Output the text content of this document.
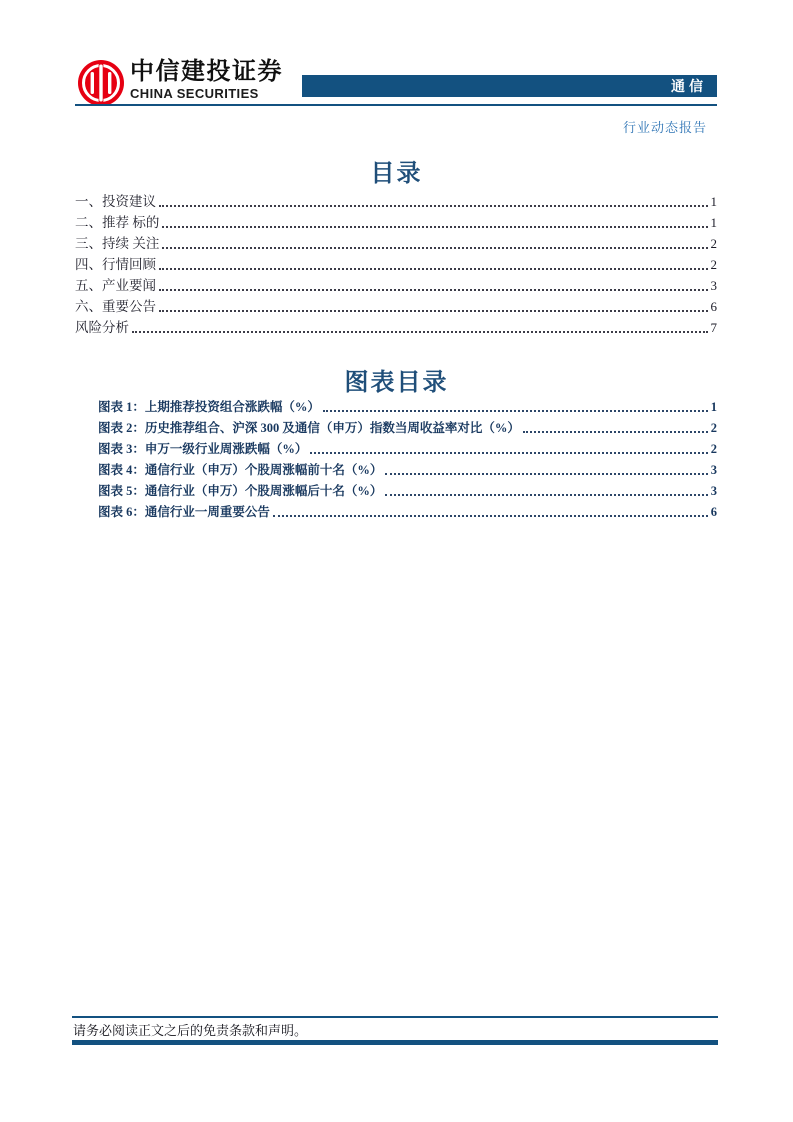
中信建投证券
CHINA SECURITIES	通信
行业动态报告
目录
一、投资建议	1
二、推荐 标的	1
三、持续 关注	2
四、行情回顾	2
五、产业要闻	3
六、重要公告	6
风险分析	7
图表目录
图表 1：上期推荐投资组合涨跌幅（%）	1
图表 2：历史推荐组合、沪深 300 及通信（申万）指数当周收益率对比（%）	2
图表 3：申万一级行业周涨跌幅（%）	2
图表 4：通信行业（申万）个股周涨幅前十名（%）	3
图表 5：通信行业（申万）个股周涨幅后十名（%）	3
图表 6：通信行业一周重要公告	6
请务必阅读正文之后的免责条款和声明。
